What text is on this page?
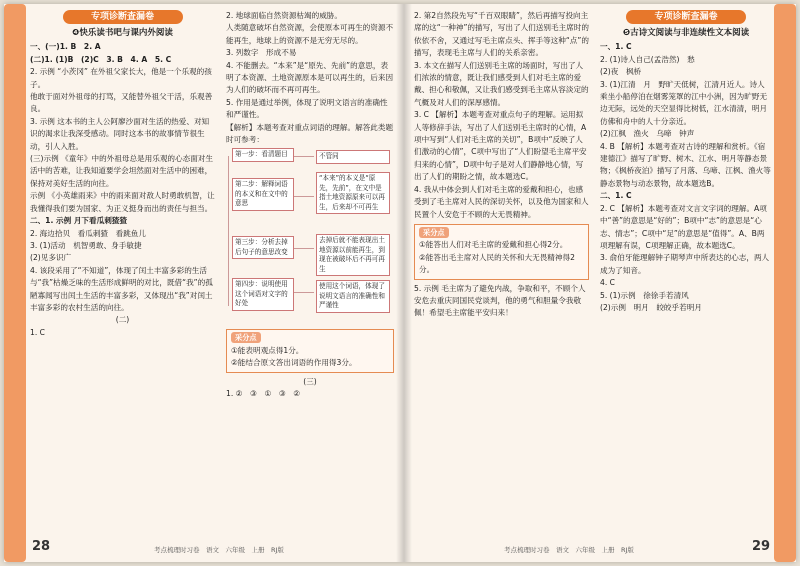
专项诊断查漏卷
❹快乐读书吧与课内外阅读

一、(一)1. B　2. A

(二)1. (1)B　(2)C　3. B　4. A　5. C

2. 示例 “小茨冈” 在外祖父家长大，他是一个乐观的孩子。

他敢于面对外祖母的打骂，又能替外祖父干活，乐观善良。

3. 示例 这本书的主人公阿廖沙面对生活的热爱、对知识的渴求让我深受感动。同时这本书的故事情节很生动，引人入胜。

(三)示例 《童年》中的外祖母总是用乐观的心态面对生活中的苦难，让我知道要学会坦然面对生活中的困难，保持对美好生活的向往。

示例 《小英雄雨来》中的雨来面对敌人时勇敢机智，让我懂得我们要为国家、为正义挺身而出的责任与担当。

二、1. 示例 月下看瓜刺猹猹

2. 海边拾贝　看瓜刺猹　看跳鱼儿

3. (1)活动　机智勇敢、身手敏捷

(2)见多识广

4. 该段采用了“不知道”，体现了闰土丰富多彩的生活与“我”枯燥乏味的生活形成鲜明的对比，既借“我”的孤陋寡闻写出闰土生活的丰富多彩，又体现出“我”对闰土丰富多彩的农村生活的向往。

(二)

1. C

2. 地球面临自然资源枯竭的威胁。

人类随意破坏自然资源，会使原本可再生的资源不能再生，地球上的资源不是无穷无尽的。

3. 列数字　形成不易

4. 不能删去。“本来”是“原先、先前”的意思，表明了本资源、土地资源原本是可以再生的，后来因为人们的破坏而不再可再生。

5. 作用是通过举例，体现了说明文语言的准确性和严谨性。

【解析】本题考查对重点词语的理解。解答此类题时可参考：

第一步：看清题目	不管同
第二步：解释词语的本义和在文中的意思
“本来”的本义是“原先，先前”，在文中是指土地资源原来可以再生，后来却不可再生
第三步：分析去掉后句子的意思改变
去掉后就不能表现出土地资源以前能再生，到现在被破坏后不再可再生
第四步：说明使用这个词语对文字的好处
使用这个词语，体现了说明文语言的准确性和严谨性
采分点

①能表明观点得1分。

②能结合原文答出词语的作用得3分。

(三)

1. ②　③　①　③　②

28	考点梳理时习卷　语文　六年级　上册　RJ版

2. 第2自然段先写“千百双眼睛”，然后再描写投向主席的这“一种神”的描写，写出了人们送别毛主席时的依依不舍，又通过写毛主席点头、挥手等这种“点”的描写，表现毛主席与人们的关系亲密。

3. 本文在描写人们送别毛主席的场面时，写出了人们浓浓的情意，既让我们感受到人们对毛主席的爱戴、担心和敬佩，又让我们感受到毛主席从容淡定的气概及对人们的深厚感情。

3. C 【解析】本题考查对重点句子的理解。运用拟人等修辞手法，写出了人们送别毛主席时的心情，A项中写到“人们对毛主席的关切”，B项中“反映了人们激动的心情”，C项中写出了“人们盼望毛主席平安归来的心情”，D项中句子是对人们静静地心情，写出了人们的期盼之情，故本题选C。

4. 我从中体会到人们对毛主席的爱戴和担心，也感受到了毛主席对人民的深切关怀，以及他为国家和人民置个人安危于不顾的大无畏精神。

采分点

①能答出人们对毛主席的爱戴和担心得2分。

②能答出毛主席对人民的关怀和大无畏精神得2分。

5. 示例 毛主席为了避免内战，争取和平，不顾个人安危去重庆同国民党谈判，他的勇气和胆量令我敬佩！希望毛主席能平安归来！

专项诊断查漏卷
❺古诗文阅读与非连续性文本阅读

一、1. C

2. (1)诗人自己(孟浩然)　愁

(2)夜　枫桥

3. (1)江清　月　野旷天低树，江清月近人。诗人乘坐小船停泊在烟雾笼罩的江中小洲，因为旷野无边无际，远处的天空显得比树低，江水清清，明月仿佛和舟中的人十分亲近。

(2)江枫　渔火　乌啼　钟声

4. B 【解析】本题考查对古诗的理解和赏析。《宿建德江》描写了旷野、树木、江水、明月等静态景物；《枫桥夜泊》描写了月落、乌啼、江枫、渔火等静态景物与动态景物，故本题选B。

二、1. C

2. C 【解析】本题考查对文言文字词的理解。A项中“善”的意思是“好的”；B项中“志”的意思是“心志、情志”；C项中“足”的意思是“值得”。A、B两项理解有误，C项理解正确，故本题选C。

3. 俞伯牙能理解钟子期琴声中所表达的心志，两人成为了知音。

4. C

5. (1)示例　徐徐手若清风

(2)示例　明月　皎皎乎若明月

考点梳理时习卷　语文　六年级　上册　RJ版	29
